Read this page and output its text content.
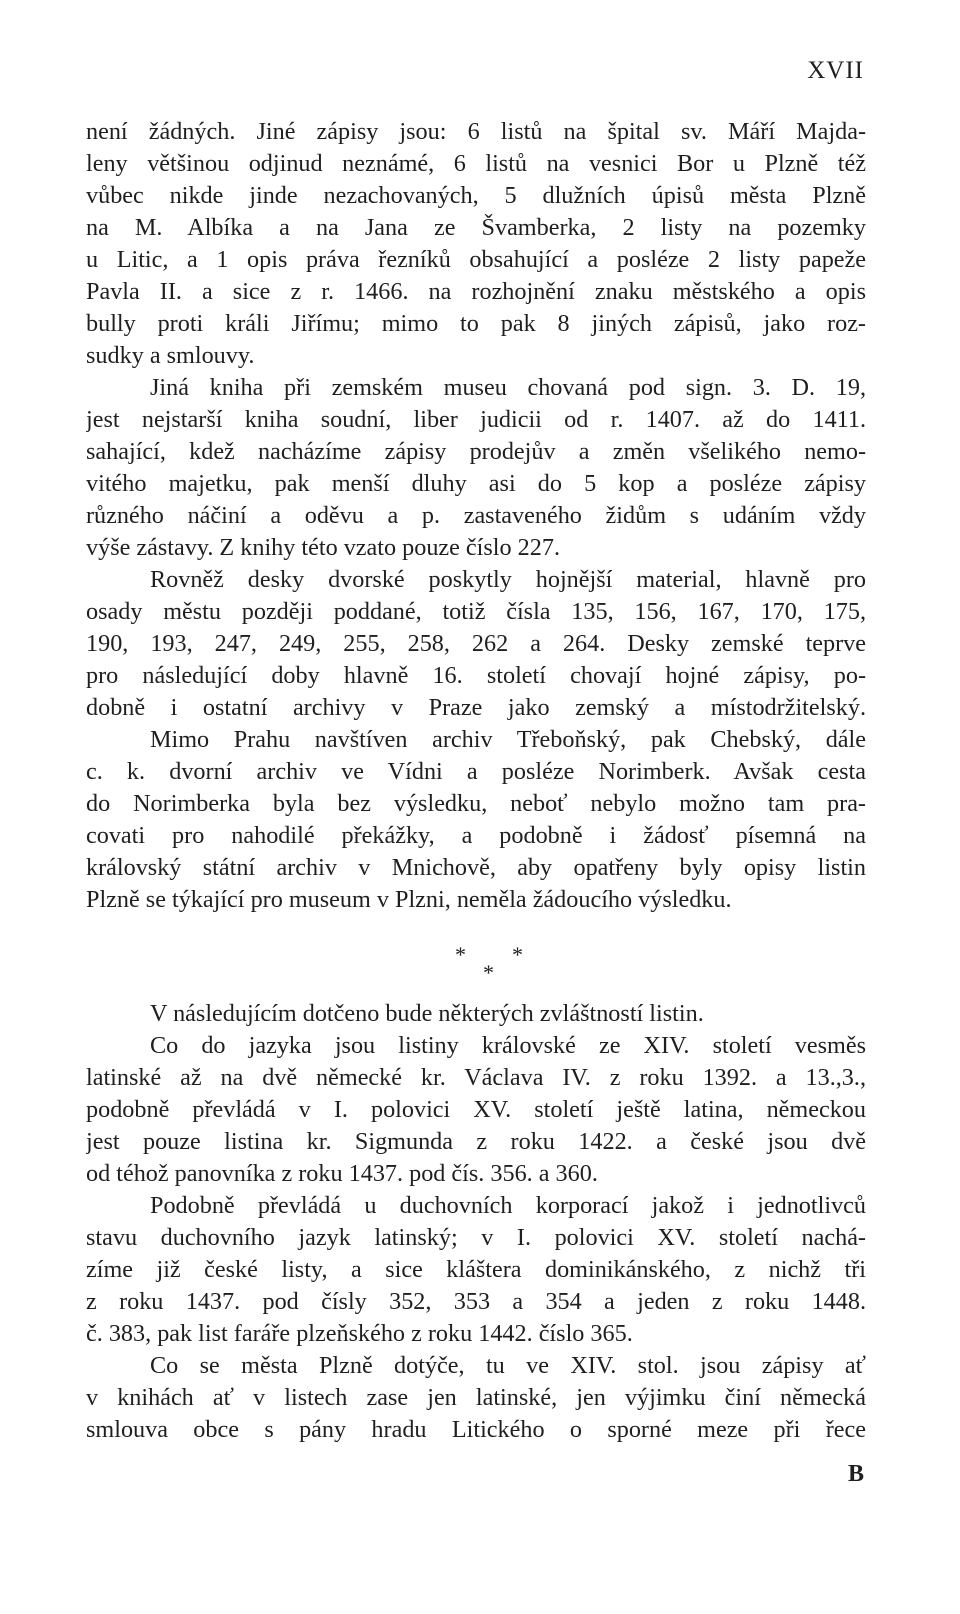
XVII
není žádných. Jiné zápisy jsou: 6 listů na špital sv. Máří Majda-
leny většinou odjinud neznámé, 6 listů na vesnici Bor u Plzně též
vůbec nikde jinde nezachovaných, 5 dlužních úpisů města Plzně
na M. Albíka a na Jana ze Švamberka, 2 listy na pozemky
u Litic, a 1 opis práva řezníků obsahující a posléze 2 listy papeže
Pavla II. a sice z r. 1466. na rozhojnění znaku městského a opis
bully proti králi Jiřímu; mimo to pak 8 jiných zápisů, jako roz-
sudky a smlouvy.
Jiná kniha při zemském museu chovaná pod sign. 3. D. 19,
jest nejstarší kniha soudní, liber judicii od r. 1407. až do 1411.
sahající, kdež nacházíme zápisy prodejův a změn všelikého nemo-
vitého majetku, pak menší dluhy asi do 5 kop a posléze zápisy
různého náčiní a oděvu a p. zastaveného židům s udáním vždy
výše zástavy. Z knihy této vzato pouze číslo 227.
Rovněž desky dvorské poskytly hojnější material, hlavně pro
osady městu později poddané, totiž čísla 135, 156, 167, 170, 175,
190, 193, 247, 249, 255, 258, 262 a 264. Desky zemské teprve
pro následující doby hlavně 16. století chovají hojné zápisy, po-
dobně i ostatní archivy v Praze jako zemský a místodržitelský.
Mimo Prahu navštíven archiv Třeboňský, pak Chebský, dále
c. k. dvorní archiv ve Vídni a posléze Norimberk. Avšak cesta
do Norimberka byla bez výsledku, neboť nebylo možno tam pra-
covati pro nahodilé překážky, a podobně i žádosť písemná na
královský státní archiv v Mnichově, aby opatřeny byly opisy listin
Plzně se týkající pro museum v Plzni, neměla žádoucího výsledku.
* *
*
V následujícím dotčeno bude některých zvláštností listin.
Co do jazyka jsou listiny královské ze XIV. století vesměs
latinské až na dvě německé kr. Václava IV. z roku 1392. a 13.,3.,
podobně převládá v I. polovici XV. století ještě latina, německou
jest pouze listina kr. Sigmunda z roku 1422. a české jsou dvě
od téhož panovníka z roku 1437. pod čís. 356. a 360.
Podobně převládá u duchovních korporací jakož i jednotlivců
stavu duchovního jazyk latinský; v I. polovici XV. století nachá-
zíme již české listy, a sice kláštera dominikánského, z nichž tři
z roku 1437. pod čísly 352, 353 a 354 a jeden z roku 1448.
č. 383, pak list faráře plzeňského z roku 1442. číslo 365.
Co se města Plzně dotýče, tu ve XIV. stol. jsou zápisy ať
v knihách ať v listech zase jen latinské, jen výjimku činí německá
smlouva obce s pány hradu Litického o sporné meze při řece
B
